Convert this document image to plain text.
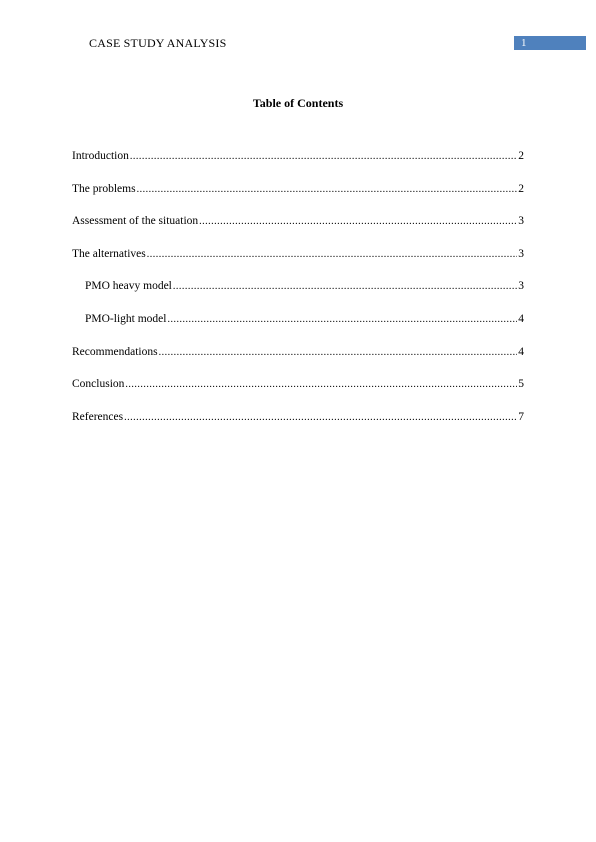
CASE STUDY ANALYSIS	1
Table of Contents
Introduction .....	2
The problems .....	2
Assessment of the situation .....	3
The alternatives .....	3
PMO heavy model .....	3
PMO-light model .....	4
Recommendations .....	4
Conclusion .....	5
References .....	7
